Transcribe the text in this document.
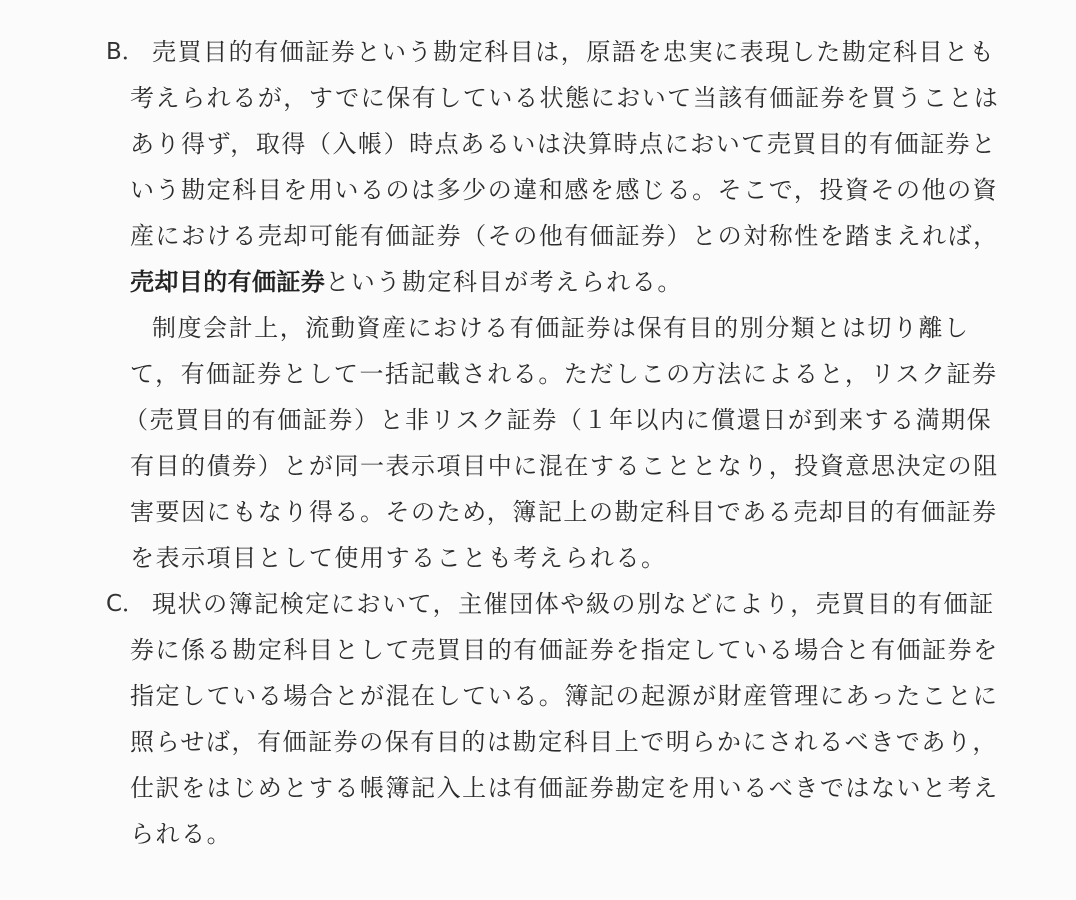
B． 売買目的有価証券という勘定科目は，原語を忠実に表現した勘定科目とも
考えられるが，すでに保有している状態において当該有価証券を買うことは
あり得ず，取得（入帳）時点あるいは決算時点において売買目的有価証券と
いう勘定科目を用いるのは多少の違和感を感じる。そこで，投資その他の資
産における売却可能有価証券（その他有価証券）との対称性を踏まえれば，
売却目的有価証券という勘定科目が考えられる。
制度会計上，流動資産における有価証券は保有目的別分類とは切り離し
て，有価証券として一括記載される。ただしこの方法によると，リスク証券
（売買目的有価証券）と非リスク証券（１年以内に償還日が到来する満期保
有目的債券）とが同一表示項目中に混在することとなり，投資意思決定の阻
害要因にもなり得る。そのため，簿記上の勘定科目である売却目的有価証券
を表示項目として使用することも考えられる。
C． 現状の簿記検定において，主催団体や級の別などにより，売買目的有価証
券に係る勘定科目として売買目的有価証券を指定している場合と有価証券を
指定している場合とが混在している。簿記の起源が財産管理にあったことに
照らせば，有価証券の保有目的は勘定科目上で明らかにされるべきであり，
仕訳をはじめとする帳簿記入上は有価証券勘定を用いるべきではないと考え
られる。
